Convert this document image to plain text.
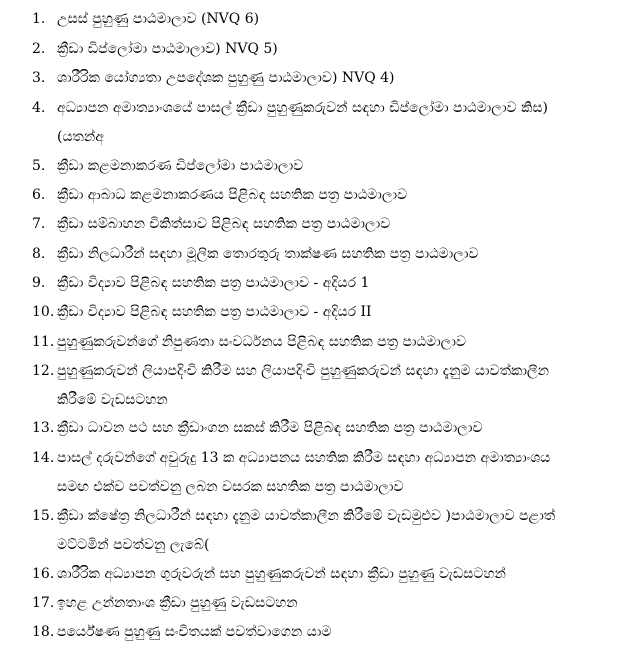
1. උසස් පුහුණු පාඨමාලාව (NVQ 6)
2. ක්‍රීඩා ඩිප්ලෝමා පාඨමාලාව) NVQ 5)
3. ශාරීරික යෝග්‍යතා උපදේශක පුහුණු පාඨමාලාව) NVQ 4)
4. අධ්‍යාපන අමාත්‍යාංශයේ පාසල් ක්‍රීඩා පුහුණුකරුවන් සඳහා ඩිප්ලෝමා පාඨමාලාව කිස)
(යතන්අ
5. ක්‍රීඩා කළමනාකරණ ඩිප්ලෝමා පාඨමාලාව
6. ක්‍රීඩා ආබාධ කළමනාකරණය පිළිබඳ සහතික පත්‍ර පාඨමාලාව
7. ක්‍රීඩා සම්බාහන චිකිත්සාව පිළිබඳ සහතික පත්‍ර පාඨමාලාව
8. ක්‍රීඩා නිලධාරීන් සඳහා මූලික තොරතුරු තාක්ෂණ සහතික පත්‍ර පාඨමාලාව
9. ක්‍රීඩා විද්‍යාව පිළිබඳ සහතික පත්‍ර පාඨමාලාව - අදියර 1
10. ක්‍රීඩා විද්‍යාව පිළිබඳ සහතික පත්‍ර පාඨමාලාව - අදියර II
11. පුහුණුකරුවන්ගේ නිපුණතා සංවර්ධනය පිළිබඳ සහතික පත්‍ර පාඨමාලාව
12. පුහුණුකරුවන් ලියාපදිංචි කිරීම සහ ලියාපදිංචි පුහුණුකරුවන් සඳහා දැනුම යාවත්කාලීන
කිරීමේ වැඩසටහන
13. ක්‍රීඩා ධාවන පථ සහ ක්‍රීඩාංගන සකස් කිරීම පිළිබඳ සහතික පත්‍ර පාඨමාලාව
14. පාසල් දරුවන්ගේ අවුරුදු 13 ක අධ්‍යාපනය සහතික කිරීම සඳහා අධ්‍යාපන අමාත්‍යාංශය
සමඟ එක්ව පවත්වනු ලබන වසරක සහතික පත්‍ර පාඨමාලාව
15. ක්‍රීඩා ක්ෂේත්‍ර නිලධාරීන් සඳහා දැනුම යාවත්කාලීන කිරීමේ වැඩමුළුව )පාඨමාලාව පළාත්
මට්ටමින් පවත්වනු ලැබේ(
16. ශාරීරික අධ්‍යාපන ගුරුවරුන් සහ පුහුණුකරුවන් සඳහා ක්‍රීඩා පුහුණු වැඩසටහන්
17. ඉහළ උන්නතාංශ ක්‍රීඩා පුහුණු වැඩසටහන
18. පර්යේෂණ පුහුණු සංචිතයක් පවත්වාගෙන යාම
